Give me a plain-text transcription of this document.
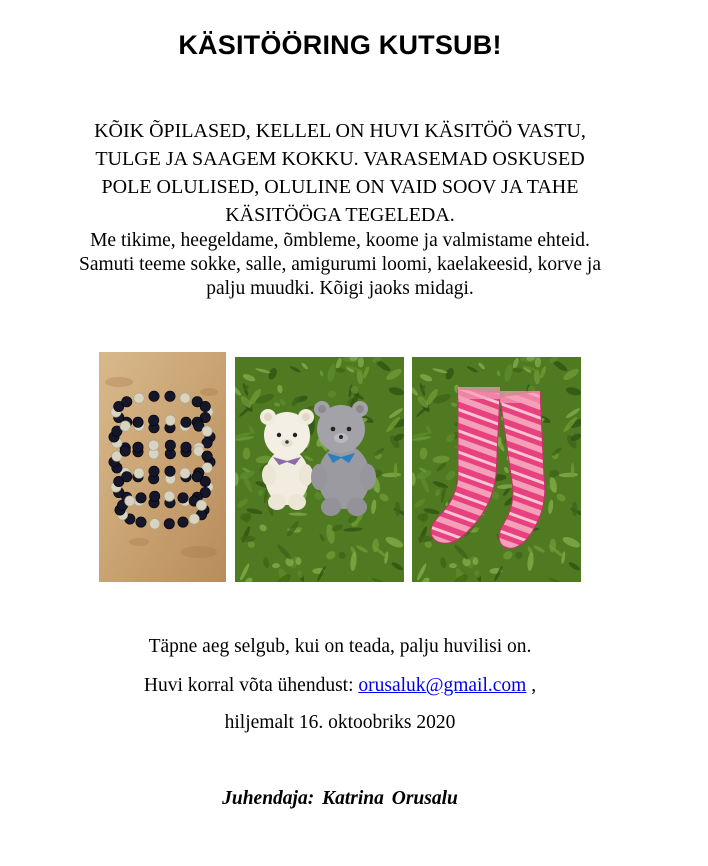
KÄSITÖÖRING KUTSUB!
KÕIK ÕPILASED, KELLEL ON HUVI KÄSITÖÖ VASTU,
TULGE JA SAAGEM KOKKU. VARASEMAD OSKUSED
POLE OLULISED, OLULINE ON VAID SOOV JA TAHE
KÄSITÖÖGA TEGELEDA.
Me tikime, heegeldame, õmbleme, koome ja valmistame ehteid.
Samuti teeme sokke, salle, amigurumi loomi, kaelakeesid, korve ja
palju muudki. Kõigi jaoks midagi.
Täpne aeg selgub, kui on teada, palju huvilisi on.
Huvi korral võta ühendust: orusaluk@gmail.com ,
hiljemalt 16. oktoobriks 2020
Juhendaja: Katrina Orusalu
